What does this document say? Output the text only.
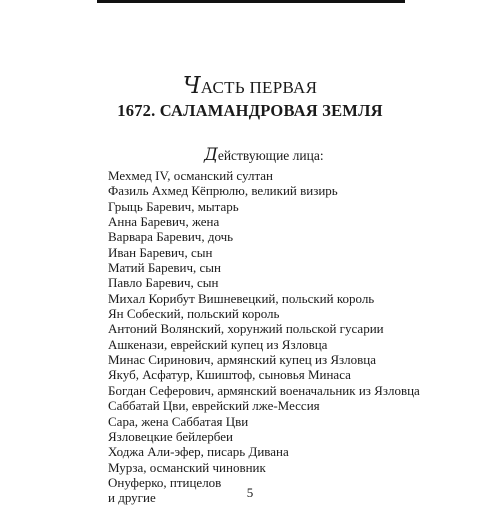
ЧАСТЬ ПЕРВАЯ
1672. САЛАМАНДРОВАЯ ЗЕМЛЯ
Действующие лица:
Мехмед IV, османский султан
Фазиль Ахмед Кёпрюлю, великий визирь
Грыць Баревич, мытарь
Анна Баревич, жена
Варвара Баревич, дочь
Иван Баревич, сын
Матий Баревич, сын
Павло Баревич, сын
Михал Корибут Вишневецкий, польский король
Ян Собеский, польский король
Антоний Волянский, хорунжий польской гусарии
Ашкенази, еврейский купец из Язловца
Минас Сиринович, армянский купец из Язловца
Якуб, Асфатур, Кшиштоф, сыновья Минаса
Богдан Сеферович, армянский военачальник из Язловца
Саббатай Цви, еврейский лже-Мессия
Сара, жена Саббатая Цви
Язловецкие бейлербеи
Ходжа Али-эфер, писарь Дивана
Мурза, османский чиновник
Онуферко, птицелов
и другие	5
